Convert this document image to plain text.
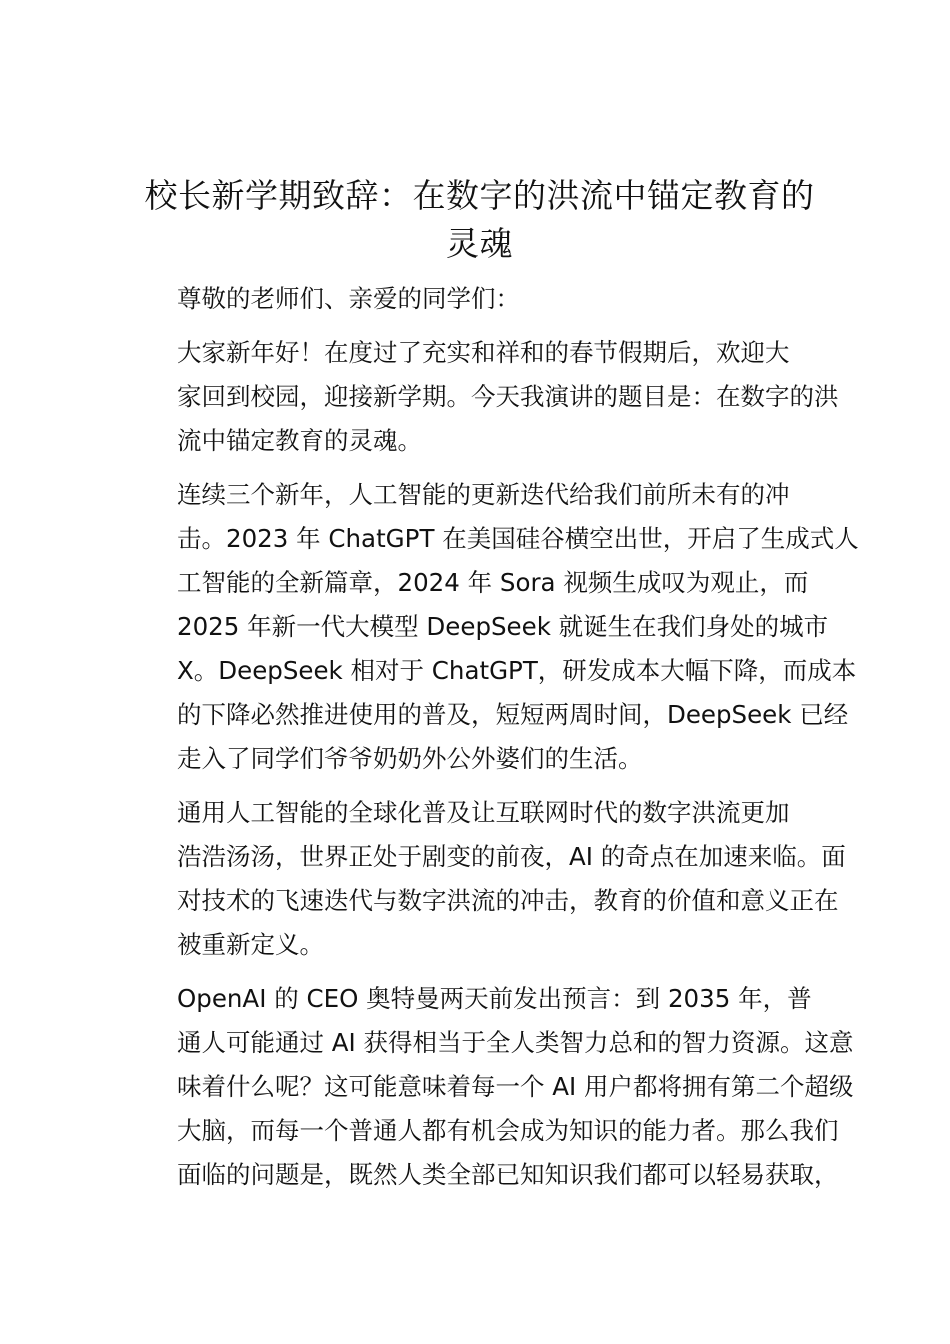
校长新学期致辞：在数字的洪流中锚定教育的
灵魂

尊敬的老师们、亲爱的同学们：

大家新年好！在度过了充实和祥和的春节假期后，欢迎大
家回到校园，迎接新学期。今天我演讲的题目是：在数字的洪
流中锚定教育的灵魂。

连续三个新年，人工智能的更新迭代给我们前所未有的冲
击。2023 年 ChatGPT 在美国硅谷横空出世，开启了生成式人
工智能的全新篇章，2024 年 Sora 视频生成叹为观止，而
2025 年新一代大模型 DeepSeek 就诞生在我们身处的城市
X。DeepSeek 相对于 ChatGPT，研发成本大幅下降，而成本
的下降必然推进使用的普及，短短两周时间，DeepSeek 已经
走入了同学们爷爷奶奶外公外婆们的生活。

通用人工智能的全球化普及让互联网时代的数字洪流更加
浩浩汤汤，世界正处于剧变的前夜，AI 的奇点在加速来临。面
对技术的飞速迭代与数字洪流的冲击，教育的价值和意义正在
被重新定义。

OpenAI 的 CEO 奥特曼两天前发出预言：到 2035 年，普
通人可能通过 AI 获得相当于全人类智力总和的智力资源。这意
味着什么呢？这可能意味着每一个 AI 用户都将拥有第二个超级
大脑，而每一个普通人都有机会成为知识的能力者。那么我们
面临的问题是，既然人类全部已知知识我们都可以轻易获取，
